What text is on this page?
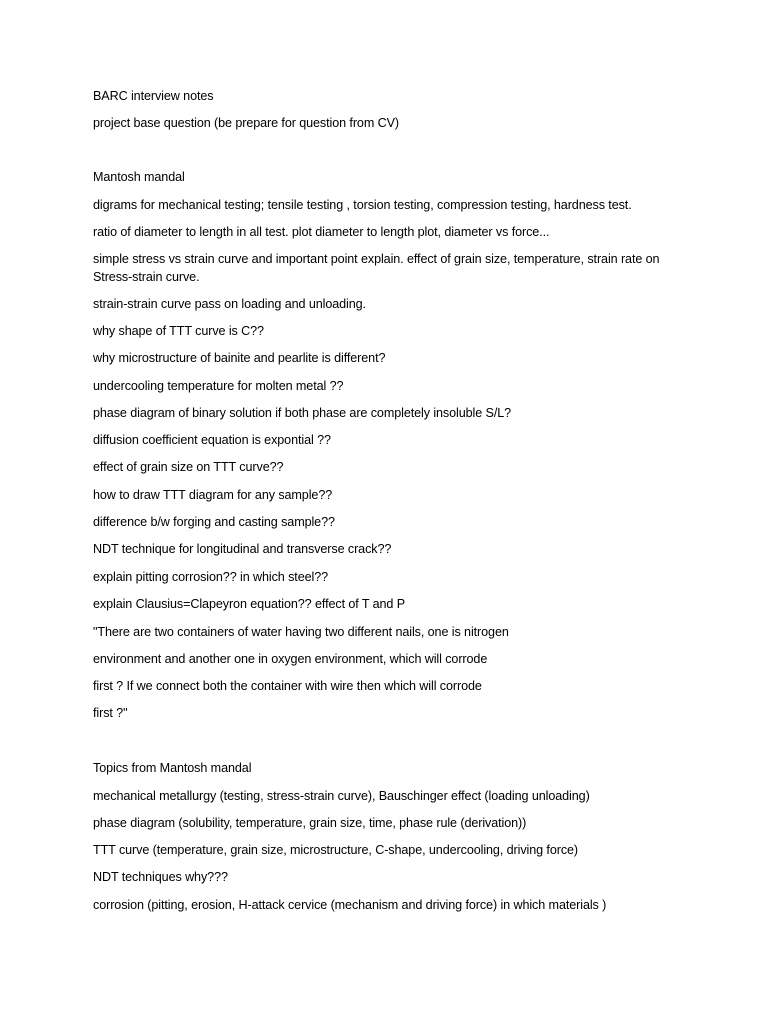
BARC interview notes
project base question (be prepare for question from CV)
Mantosh mandal
digrams for mechanical testing; tensile testing , torsion testing, compression testing, hardness test.
ratio of diameter to length in all test. plot diameter to length plot, diameter vs force...
simple stress vs strain curve and important point explain. effect of grain size, temperature, strain rate on Stress-strain curve.
strain-strain curve pass on loading and unloading.
why shape of TTT curve is C??
why microstructure of bainite and pearlite is different?
undercooling temperature for molten metal ??
phase diagram of binary solution if both phase are completely insoluble S/L?
diffusion coefficient equation is expontial ??
effect of grain size on TTT curve??
how to draw TTT diagram for any sample??
difference b/w forging and casting sample??
NDT technique for longitudinal and transverse crack??
explain pitting corrosion?? in which steel??
explain Clausius=Clapeyron equation?? effect of T and P
"There are two containers of water having two different nails, one is nitrogen
environment and another one in oxygen environment, which will corrode
first ? If we connect both the container with wire then which will corrode
first ?"
Topics from Mantosh mandal
mechanical metallurgy (testing, stress-strain curve), Bauschinger effect (loading unloading)
phase diagram (solubility, temperature, grain size, time, phase rule (derivation))
TTT curve (temperature, grain size, microstructure, C-shape, undercooling, driving force)
NDT techniques why???
corrosion (pitting, erosion, H-attack cervice (mechanism and driving force) in which materials )
